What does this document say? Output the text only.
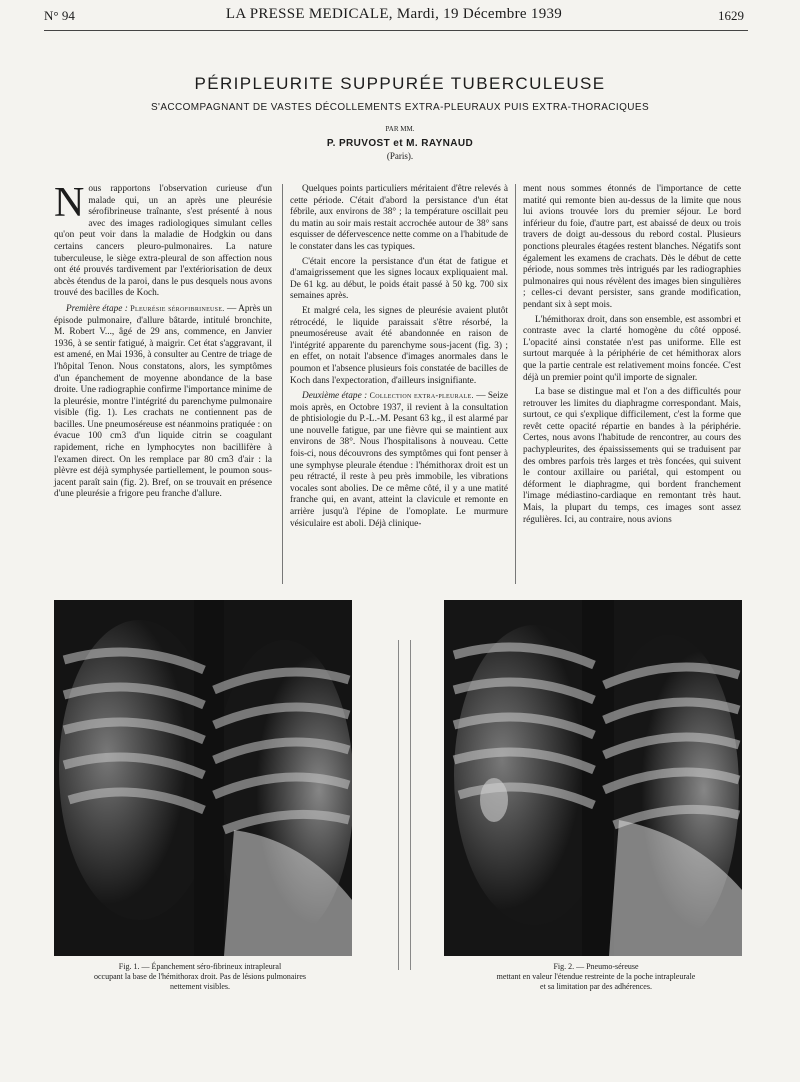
N° 94	LA PRESSE MEDICALE, Mardi, 19 Décembre 1939	1629
PÉRIPLEURITE SUPPURÉE TUBERCULEUSE
S'ACCOMPAGNANT DE VASTES DÉCOLLEMENTS EXTRA-PLEURAUX PUIS EXTRA-THORACIQUES
PAR MM.
P. PRUVOST et M. RAYNAUD
(Paris).

Nous rapportons l'observation curieuse d'un malade qui, un an après une pleurésie sérofibrineuse traînante, s'est présenté à nous avec des images radiologiques simulant celles qu'on peut voir dans la maladie de Hodgkin ou dans certains cancers pleuro-pulmonaires. La nature tuberculeuse, le siège extra-pleural de son affection nous ont été prouvés tardivement par l'extériorisation de deux abcès étendus de la paroi, dans le pus desquels nous avons trouvé des bacilles de Koch.

Première étape : Pleurésie sérofibrineuse. — Après un épisode pulmonaire, d'allure bâtarde, intitulé bronchite, M. Robert V..., âgé de 29 ans, commence, en Janvier 1936, à se sentir fatigué, à maigrir. Cet état s'aggravant, il est amené, en Mai 1936, à consulter au Centre de triage de l'hôpital Tenon. Nous constatons, alors, les symptômes d'un épanchement de moyenne abondance de la base droite. Une radiographie confirme l'importance minime de la pleurésie, montre l'intégrité du parenchyme pulmonaire visible (fig. 1). Les crachats ne contiennent pas de bacilles. Une pneumoséreuse est néanmoins pratiquée : on évacue 100 cm3 d'un liquide citrin se coagulant rapidement, riche en lymphocytes non bacillifère à l'examen direct. On les remplace par 80 cm3 d'air : la plèvre est déjà symphysée partiellement, le poumon sous-jacent paraît sain (fig. 2). Bref, on se trouvait en présence d'une pleurésie a frigore peu franche d'allure.

Quelques points particuliers méritaient d'être relevés à cette période. C'était d'abord la persistance d'un état fébrile, aux environs de 38° ; la température oscillait peu du matin au soir mais restait accrochée autour de 38° sans esquisser de défervescence nette comme on a l'habitude de le constater dans les cas typiques.

C'était encore la persistance d'un état de fatigue et d'amaigrissement que les signes locaux expliquaient mal. De 61 kg. au début, le poids était passé à 50 kg. 700 six semaines après.

Et malgré cela, les signes de pleurésie avaient plutôt rétrocédé, le liquide paraissait s'être résorbé, la pneumoséreuse avait été abandonnée en raison de l'intégrité apparente du parenchyme sous-jacent (fig. 3) ; en effet, on notait l'absence d'images anormales dans le poumon et l'absence plusieurs fois constatée de bacilles de Koch dans l'expectoration, d'ailleurs insignifiante.

Deuxième étape : Collection extra-pleurale. — Seize mois après, en Octobre 1937, il revient à la consultation de phtisiologie du P.-L.-M. Pesant 63 kg., il est alarmé par une nouvelle fatigue, par une fièvre qui se maintient aux environs de 38°. Nous l'hospitalisons à nouveau. Cette fois-ci, nous découvrons des symptômes qui font penser à une symphyse pleurale étendue : l'hémithorax droit est un peu rétracté, il reste à peu près immobile, les vibrations vocales sont abolies. De ce même côté, il y a une matité franche qui, en avant, atteint la clavicule et remonte en arrière jusqu'à l'épine de l'omoplate. Le murmure vésiculaire est aboli. Déjà clinique-

ment nous sommes étonnés de l'importance de cette matité qui remonte bien au-dessus de la limite que nous lui avions trouvée lors du premier séjour. Le bord inférieur du foie, d'autre part, est abaissé de deux ou trois travers de doigt au-dessous du rebord costal. Plusieurs ponctions pleurales étagées restent blanches. Négatifs sont également les examens de crachats. Dès le début de cette période, nous sommes très intrigués par les radiographies pulmonaires qui nous révèlent des images bien singulières ; celles-ci devant persister, sans grande modification, pendant six à sept mois.

L'hémithorax droit, dans son ensemble, est assombri et contraste avec la clarté homogène du côté opposé. L'opacité ainsi constatée n'est pas uniforme. Elle est surtout marquée à la périphérie de cet hémithorax alors que la partie centrale est relativement moins foncée. C'est déjà un premier point qu'il importe de signaler.

La base se distingue mal et l'on a des difficultés pour retrouver les limites du diaphragme correspondant. Mais, surtout, ce qui s'explique difficilement, c'est la forme que revêt cette opacité répartie en bandes à la périphérie. Certes, nous avons l'habitude de rencontrer, au cours des pachypleurites, des épaississements qui se traduisent par des ombres parfois très larges et très foncées, qui suivent le contour axillaire ou pariétal, qui estompent ou déforment le diaphragme, qui bordent franchement l'image médiastino-cardiaque en remontant très haut. Mais, la plupart du temps, ces images sont assez régulières. Ici, au contraire, nous avions

Fig. 1. — Épanchement séro-fibrineux intrapleural
occupant la base de l'hémithorax droit. Pas de lésions pulmonaires
nettement visibles.
Fig. 2. — Pneumo-séreuse
mettant en valeur l'étendue restreinte de la poche intrapleurale
et sa limitation par des adhérences.
